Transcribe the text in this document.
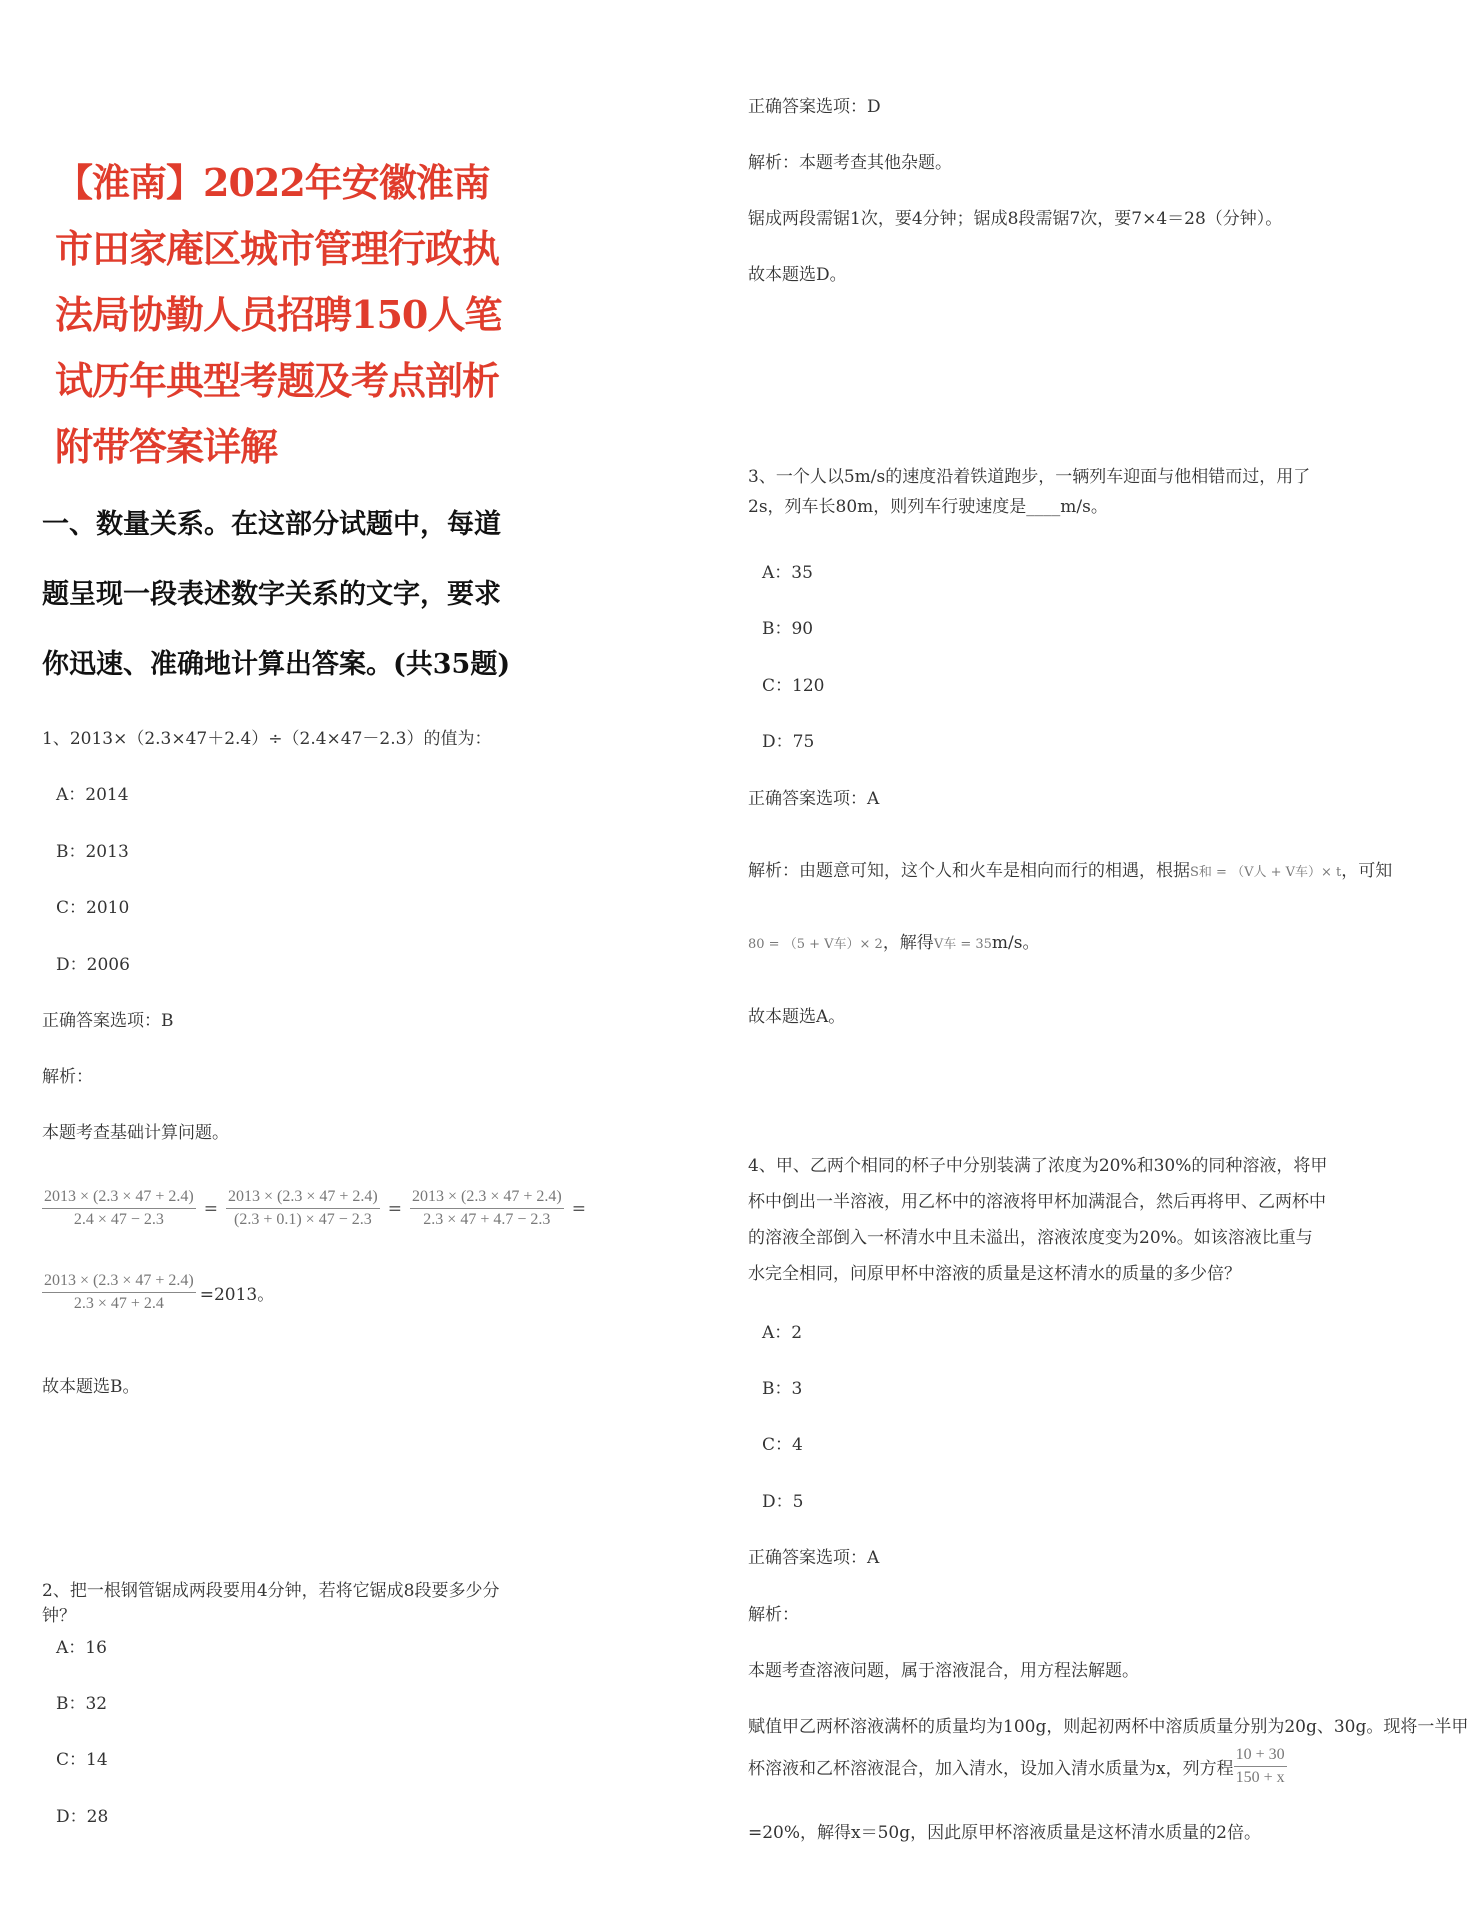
【淮南】2022年安徽淮南市田家庵区城市管理行政执法局协勤人员招聘150人笔试历年典型考题及考点剖析附带答案详解
一、数量关系。在这部分试题中，每道题呈现一段表述数字关系的文字，要求你迅速、准确地计算出答案。(共35题)

1、2013×（2.3×47＋2.4）÷（2.4×47－2.3）的值为：

A：2014

B：2013

C：2010

D：2006

正确答案选项：B

解析：

本题考查基础计算问题。

$\frac{2013 \times (2.3 \times 47 + 2.4)}{2.4 \times 47 - 2.3} = \frac{2013 \times (2.3 \times 47 + 2.4)}{(2.3 + 0.1) \times 47 - 2.3} = \frac{2013 \times (2.3 \times 47 + 2.4)}{2.3 \times 47 + 4.7 - 2.3}$ =
$\frac{2013 \times (2.3 \times 47 + 2.4)}{2.3 \times 47 + 2.4} =2013$。

故本题选B。

2、把一根钢管锯成两段要用4分钟，若将它锯成8段要多少分钟？

A：16

B：32

C：14

D：28

正确答案选项：D

解析：本题考查其他杂题。

锯成两段需锯1次，要4分钟；锯成8段需锯7次，要7×4＝28（分钟）。

故本题选D。

3、一个人以5m/s的速度沿着铁道跑步，一辆列车迎面与他相错而过，用了2s，列车长80m，则列车行驶速度是____m/s。

A：35

B：90

C：120

D：75

正确答案选项：A

解析：由题意可知，这个人和火车是相向而行的相遇，根据S和 = （V人 + V车）× t，可知

80 = （5 + V车）× 2，解得V车 = 35m/s。

故本题选A。

4、甲、乙两个相同的杯子中分别装满了浓度为20%和30%的同种溶液，将甲杯中倒出一半溶液，用乙杯中的溶液将甲杯加满混合，然后再将甲、乙两杯中的溶液全部倒入一杯清水中且未溢出，溶液浓度变为20%。如该溶液比重与水完全相同，问原甲杯中溶液的质量是这杯清水的质量的多少倍？

A：2

B：3

C：4

D：5

正确答案选项：A

解析：

本题考查溶液问题，属于溶液混合，用方程法解题。

赋值甲乙两杯溶液满杯的质量均为100g，则起初两杯中溶质质量分别为20g、30g。现将一半甲

杯溶液和乙杯溶液混合，加入清水，设加入清水质量为x，列方程 $\frac{10 + 30}{150 + x}$

=20%，解得x＝50g，因此原甲杯溶液质量是这杯清水质量的2倍。
